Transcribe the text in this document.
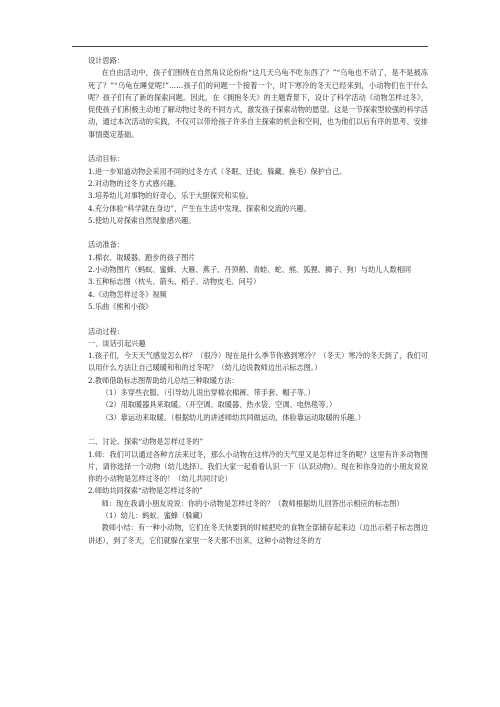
设计思路：

在自由活动中，孩子们围绕在自然角议论纷纷“这几天乌龟不吃东西了？”“乌龟也不动了，是不是被冻死了？”“乌龟在睡觉呢!”……孩子们的问题一个接着一个，时下寒冷的冬天已经来到，小动物们在干什么呢？孩子们有了新的探索问题。因此，在《拥抱冬天》的主题背景下，设计了科学活动《动物怎样过冬》，促使孩子们积极主动地了解动物过冬的不同方式，激发孩子探索动物的愿望。这是一节探索型较强的科学活动，通过本次活动的实践，不仅可以带给孩子许多自主探索的机会和空间，也为他们以后有序的思考、安排事情奠定基础。

活动目标：

1.进一步知道动物会采用不同的过冬方式（冬眠、迁徙、躲藏、换毛）保护自己。

2.对动物的过冬方式感兴趣。

3.培养幼儿对事物的好奇心，乐于大胆探究和实验。

4.充分体验“科学就在身边”，产生在生活中发现、探索和交流的兴趣。

5.使幼儿对探索自然现象感兴趣。

活动准备：

1.棉衣、取暖器、跑步的孩子图片

2.小动物图片（蚂蚁、蜜蜂、大雁、燕子、丹顶鹤、青蛙、蛇、熊、狐狸、狮子、狗）与幼儿人数相同

3.五种标志图（枕头、箭头、稻子、动物皮毛、问号）

4.《动物怎样过冬》视频

5.乐曲《熊和小孩》

活动过程：

一、谈话引起兴趣

1.孩子们，今天天气感觉怎么样？（很冷）现在是什么季节你感到寒冷？（冬天）寒冷的冬天到了，我们可以用什么方法让自己暖暖和和的过冬呢？（幼儿边说教师边出示标志图。）

2.教师借助标志图帮助幼儿总结三种取暖方法：

（1）多穿些衣服。（引导幼儿说出穿棉衣棉裤、带手套、帽子等。）

（2）用取暖器具来取暖。（开空调、取暖器、热水袋、空调、电热毯等。）

（3）靠运动来取暖。（根据幼儿的讲述师幼共同做运动，体验靠运动取暖的乐趣。）

二、讨论、探索“动物是怎样过冬的”

1.师：我们可以通过各种方法来过冬，那么小动物在这样冷的天气里又是怎样过冬的呢？这里有许多动物图片，请你选择一个动物（幼儿选择）。我们大家一起看看认识一下（认识动物）。现在和你身边的小朋友说说你的小动物是怎样过冬的！（幼儿共同讨论）

2.师幼共同探索“动物是怎样过冬的”

师：现在我请小朋友说说：你的小动物是怎样过冬的？（教师根据幼儿回答出示相应的标志图）

（1）幼儿：蚂蚁、蜜蜂（躲藏）

教师小结：有一种小动物，它们在冬天快要到的时候把吃的食物全部储存起来边（边出示稻子标志图边讲述），到了冬天，它们就躲在家里一冬天都不出来，这种小动物过冬的方
